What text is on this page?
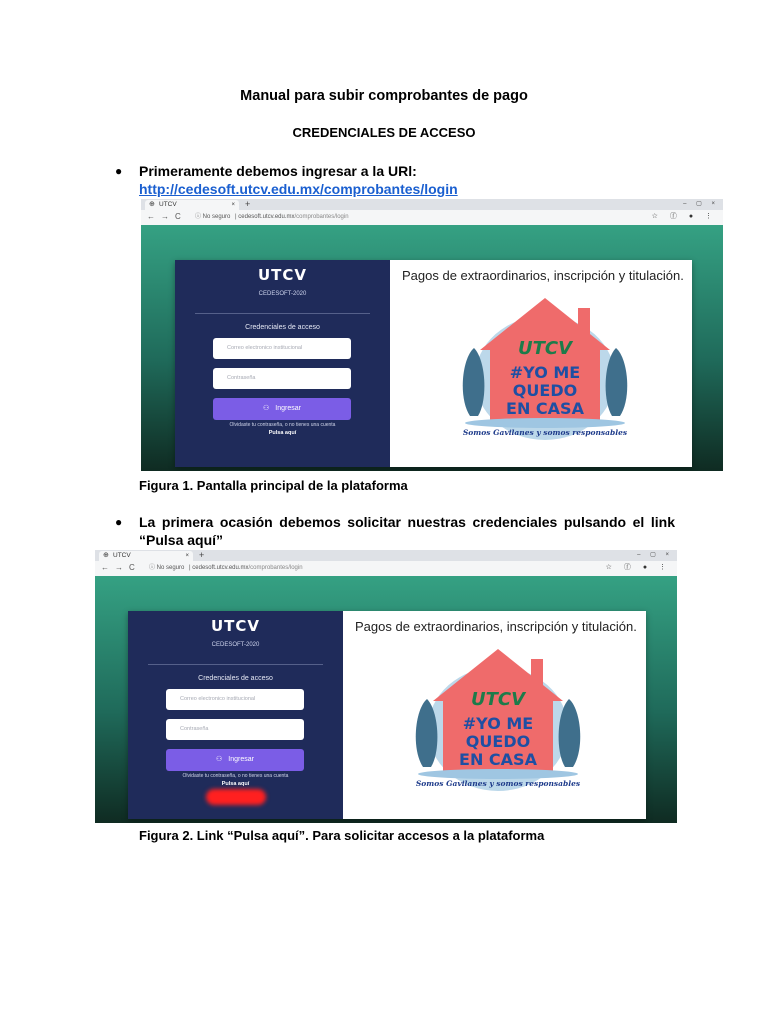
Manual para subir comprobantes de pago
CREDENCIALES DE ACCESO
● Primeramente debemos ingresar a la URl:
http://cedesoft.utcv.edu.mx/comprobantes/login
⊕ UTCV	× +	– ▢ ×
← → C ⓘ No seguro | cedesoft.utcv.edu.mx/comprobantes/login	☆ ⓕ ● ⋮
UTCV
CEDESOFT-2020
Credenciales de acceso
Correo electronico institucional
Contraseña
⚇ Ingresar
Olvidaste tu contraseña, o no tienes una cuenta
Pulsa aquí
Pagos de extraordinarios, inscripción y titulación.
UTCV
#YO ME
QUEDO
EN CASA
Somos Gavilanes y somos responsables
Figura 1. Pantalla principal de la plataforma
● La primera ocasión debemos solicitar nuestras credenciales pulsando el link “Pulsa aquí”
⊕ UTCV	× +	– ▢ ×
← → C ⓘ No seguro | cedesoft.utcv.edu.mx/comprobantes/login	☆ ⓕ ● ⋮
UTCV
CEDESOFT-2020
Credenciales de acceso
Correo electronico institucional
Contraseña
⚇ Ingresar
Olvidaste tu contraseña, o no tienes una cuenta
Pulsa aquí
Pagos de extraordinarios, inscripción y titulación.
UTCV
#YO ME
QUEDO
EN CASA
Somos Gavilanes y somos responsables
Figura 2. Link “Pulsa aquí”. Para solicitar accesos a la plataforma
